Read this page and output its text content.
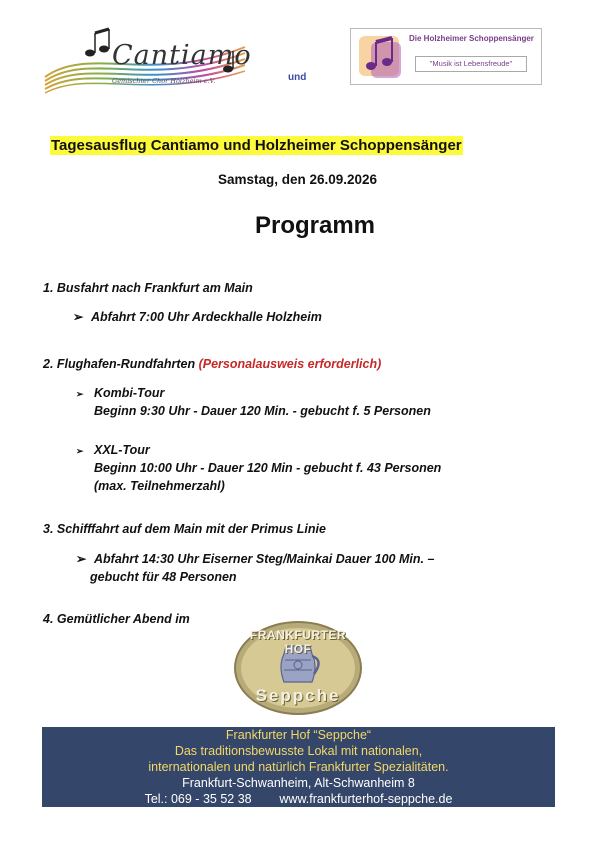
Cantiamo
Gemischter Chor Holzheim e.V.	und
Die Holzheimer Schoppensänger
"Musik ist Lebensfreude"
Tagesausflug Cantiamo und Holzheimer Schoppensänger
Samstag, den 26.09.2026
Programm
1. Busfahrt nach Frankfurt am Main
➢ Abfahrt 7:00 Uhr Ardeckhalle Holzheim
2. Flughafen-Rundfahrten (Personalausweis erforderlich)
➢ Kombi-Tour
Beginn 9:30 Uhr - Dauer 120 Min. - gebucht f. 5 Personen
➢ XXL-Tour
Beginn 10:00 Uhr - Dauer 120 Min - gebucht f. 43 Personen
(max. Teilnehmerzahl)
3. Schifffahrt auf dem Main mit der Primus Linie
➢ Abfahrt 14:30 Uhr Eiserner Steg/Mainkai Dauer 100 Min. –
gebucht für 48 Personen
4. Gemütlicher Abend im
FRANKFURTER HOF
Seppche
Frankfurter Hof “Seppche“
Das traditionsbewusste Lokal mit nationalen,
internationalen und natürlich Frankfurter Spezialitäten.
Frankfurt-Schwanheim, Alt-Schwanheim 8
Tel.: 069 - 35 52 38 www.frankfurterhof-seppche.de
